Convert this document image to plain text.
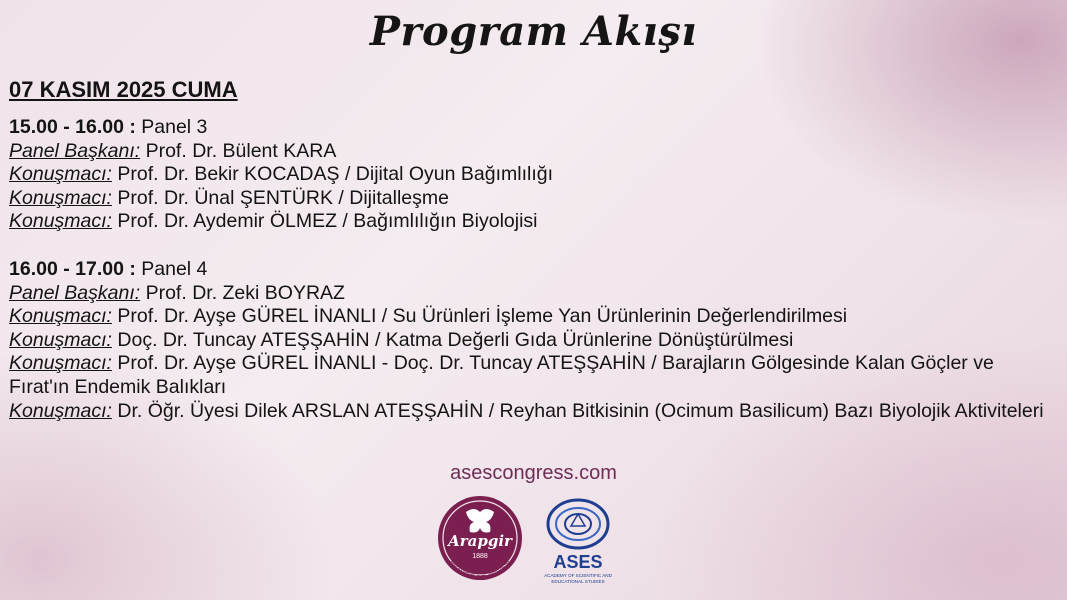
Program Akışı
07 KASIM 2025 CUMA
15.00 - 16.00 : Panel 3
Panel Başkanı: Prof. Dr. Bülent KARA
Konuşmacı: Prof. Dr. Bekir KOCADAŞ / Dijital Oyun Bağımlılığı
Konuşmacı: Prof. Dr. Ünal ŞENTÜRK / Dijitalleşme
Konuşmacı: Prof. Dr. Aydemir ÖLMEZ / Bağımlılığın Biyolojisi
16.00 - 17.00 : Panel 4
Panel Başkanı: Prof. Dr. Zeki BOYRAZ
Konuşmacı: Prof. Dr. Ayşe GÜREL İNANLI / Su Ürünleri İşleme Yan Ürünlerinin Değerlendirilmesi
Konuşmacı: Doç. Dr. Tuncay ATEŞŞAHİN / Katma Değerli Gıda Ürünlerine Dönüştürülmesi
Konuşmacı: Prof. Dr. Ayşe GÜREL İNANLI - Doç. Dr. Tuncay ATEŞŞAHİN / Barajların Gölgesinde Kalan Göçler ve Fırat'ın Endemik Balıkları
Konuşmacı: Dr. Öğr. Üyesi Dilek ARSLAN ATEŞŞAHİN / Reyhan Bitkisinin (Ocimum Basilicum) Bazı Biyolojik Aktiviteleri
asescongress.com
Arapgir
1888
ARAPGİR BELEDİYESİ ASES
ACADEMY OF SCIENTIFIC AND
EDUCATIONAL STUDIES
